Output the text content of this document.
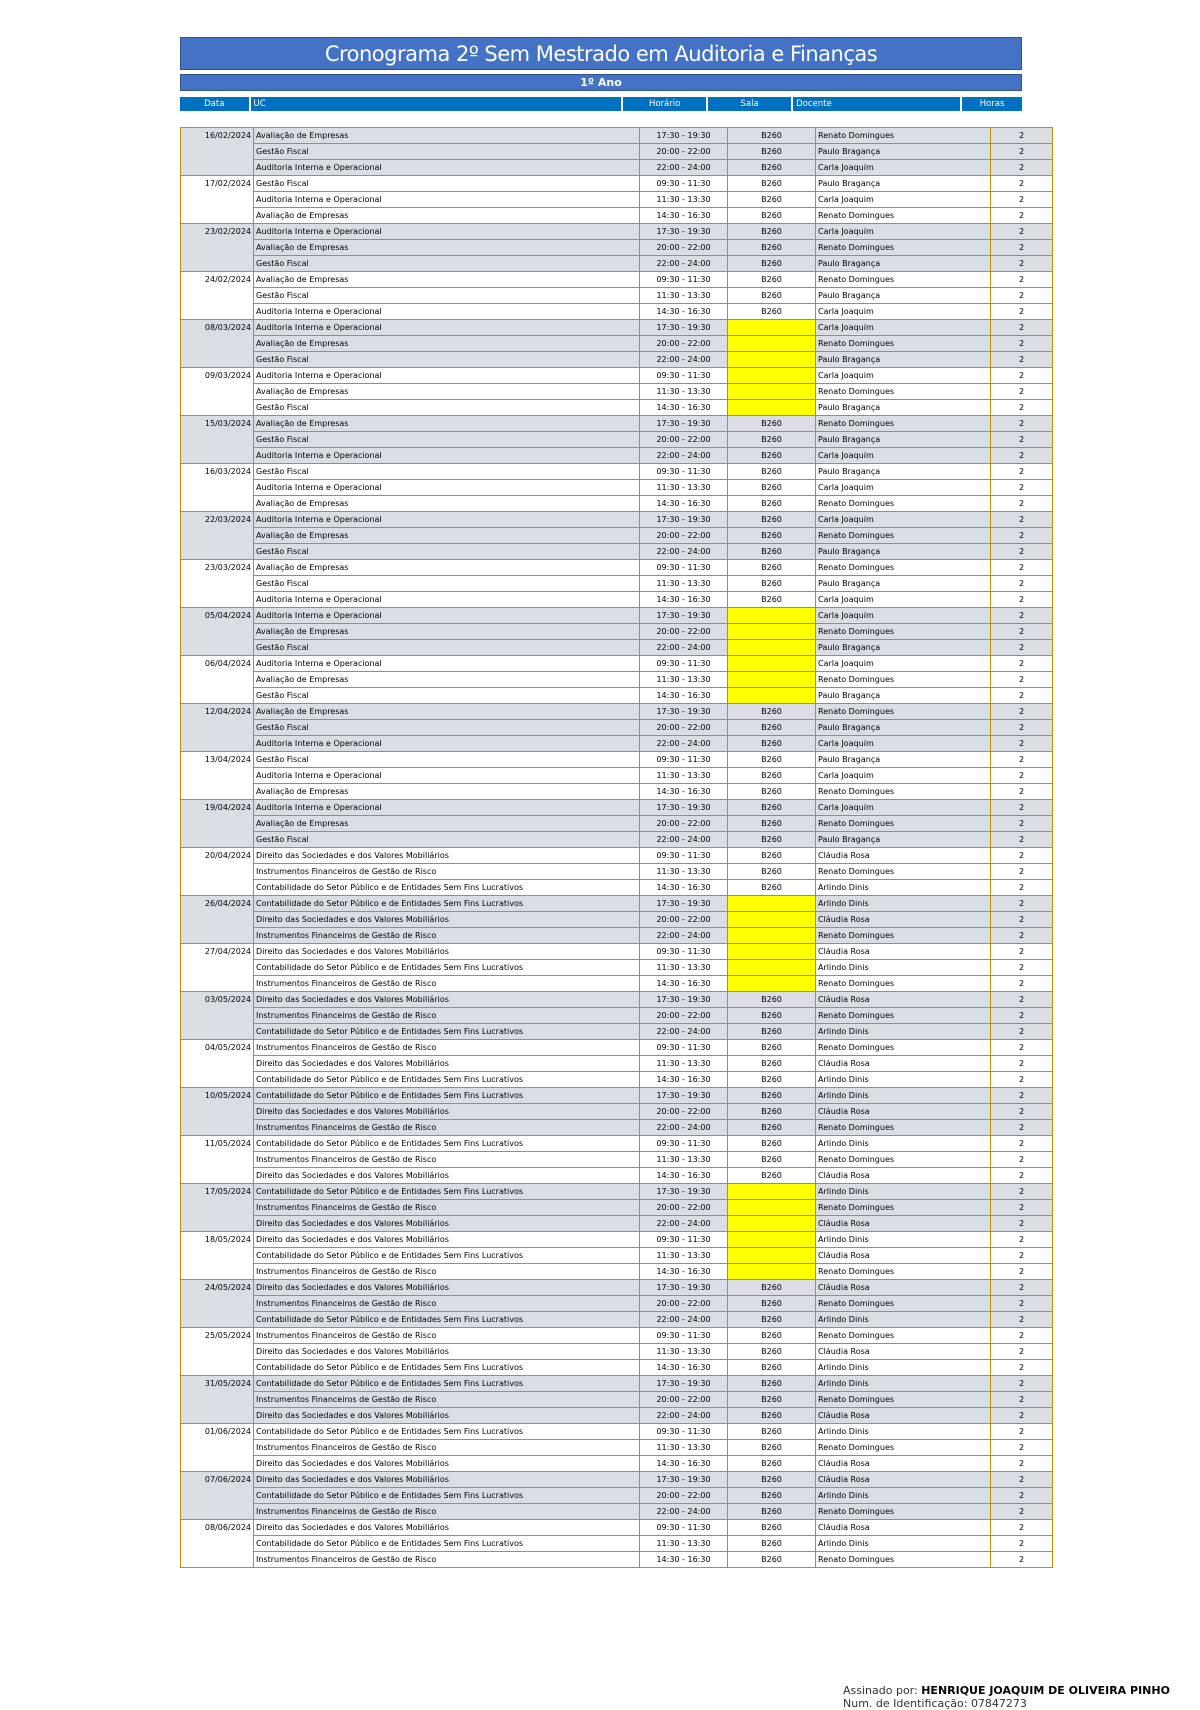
Cronograma 2º Sem Mestrado em Auditoria e Finanças
1º Ano
Data	UC	Horário	Sala	Docente	Horas
16/02/2024	Avaliação de Empresas	17:30 - 19:30	B260	Renato Domingues	2
	Gestão Fiscal	20:00 - 22:00	B260	Paulo Bragança	2
	Auditoria Interna e Operacional	22:00 - 24:00	B260	Carla Joaquim	2
17/02/2024	Gestão Fiscal	09:30 - 11:30	B260	Paulo Bragança	2
	Auditoria Interna e Operacional	11:30 - 13:30	B260	Carla Joaquim	2
	Avaliação de Empresas	14:30 - 16:30	B260	Renato Domingues	2
23/02/2024	Auditoria Interna e Operacional	17:30 - 19:30	B260	Carla Joaquim	2
	Avaliação de Empresas	20:00 - 22:00	B260	Renato Domingues	2
	Gestão Fiscal	22:00 - 24:00	B260	Paulo Bragança	2
24/02/2024	Avaliação de Empresas	09:30 - 11:30	B260	Renato Domingues	2
	Gestão Fiscal	11:30 - 13:30	B260	Paulo Bragança	2
	Auditoria Interna e Operacional	14:30 - 16:30	B260	Carla Joaquim	2
08/03/2024	Auditoria Interna e Operacional	17:30 - 19:30		Carla Joaquim	2
	Avaliação de Empresas	20:00 - 22:00		Renato Domingues	2
	Gestão Fiscal	22:00 - 24:00		Paulo Bragança	2
09/03/2024	Auditoria Interna e Operacional	09:30 - 11:30		Carla Joaquim	2
	Avaliação de Empresas	11:30 - 13:30		Renato Domingues	2
	Gestão Fiscal	14:30 - 16:30		Paulo Bragança	2
15/03/2024	Avaliação de Empresas	17:30 - 19:30	B260	Renato Domingues	2
	Gestão Fiscal	20:00 - 22:00	B260	Paulo Bragança	2
	Auditoria Interna e Operacional	22:00 - 24:00	B260	Carla Joaquim	2
16/03/2024	Gestão Fiscal	09:30 - 11:30	B260	Paulo Bragança	2
	Auditoria Interna e Operacional	11:30 - 13:30	B260	Carla Joaquim	2
	Avaliação de Empresas	14:30 - 16:30	B260	Renato Domingues	2
22/03/2024	Auditoria Interna e Operacional	17:30 - 19:30	B260	Carla Joaquim	2
	Avaliação de Empresas	20:00 - 22:00	B260	Renato Domingues	2
	Gestão Fiscal	22:00 - 24:00	B260	Paulo Bragança	2
23/03/2024	Avaliação de Empresas	09:30 - 11:30	B260	Renato Domingues	2
	Gestão Fiscal	11:30 - 13:30	B260	Paulo Bragança	2
	Auditoria Interna e Operacional	14:30 - 16:30	B260	Carla Joaquim	2
05/04/2024	Auditoria Interna e Operacional	17:30 - 19:30		Carla Joaquim	2
	Avaliação de Empresas	20:00 - 22:00		Renato Domingues	2
	Gestão Fiscal	22:00 - 24:00		Paulo Bragança	2
06/04/2024	Auditoria Interna e Operacional	09:30 - 11:30		Carla Joaquim	2
	Avaliação de Empresas	11:30 - 13:30		Renato Domingues	2
	Gestão Fiscal	14:30 - 16:30		Paulo Bragança	2
12/04/2024	Avaliação de Empresas	17:30 - 19:30	B260	Renato Domingues	2
	Gestão Fiscal	20:00 - 22:00	B260	Paulo Bragança	2
	Auditoria Interna e Operacional	22:00 - 24:00	B260	Carla Joaquim	2
13/04/2024	Gestão Fiscal	09:30 - 11:30	B260	Paulo Bragança	2
	Auditoria Interna e Operacional	11:30 - 13:30	B260	Carla Joaquim	2
	Avaliação de Empresas	14:30 - 16:30	B260	Renato Domingues	2
19/04/2024	Auditoria Interna e Operacional	17:30 - 19:30	B260	Carla Joaquim	2
	Avaliação de Empresas	20:00 - 22:00	B260	Renato Domingues	2
	Gestão Fiscal	22:00 - 24:00	B260	Paulo Bragança	2
20/04/2024	Direito das Sociedades e dos Valores Mobiliários	09:30 - 11:30	B260	Cláudia Rosa	2
	Instrumentos Financeiros de Gestão de Risco	11:30 - 13:30	B260	Renato Domingues	2
	Contabilidade do Setor Público e de Entidades Sem Fins Lucrativos	14:30 - 16:30	B260	Arlindo Dinis	2
26/04/2024	Contabilidade do Setor Público e de Entidades Sem Fins Lucrativos	17:30 - 19:30		Arlindo Dinis	2
	Direito das Sociedades e dos Valores Mobiliários	20:00 - 22:00		Cláudia Rosa	2
	Instrumentos Financeiros de Gestão de Risco	22:00 - 24:00		Renato Domingues	2
27/04/2024	Direito das Sociedades e dos Valores Mobiliários	09:30 - 11:30		Cláudia Rosa	2
	Contabilidade do Setor Público e de Entidades Sem Fins Lucrativos	11:30 - 13:30		Arlindo Dinis	2
	Instrumentos Financeiros de Gestão de Risco	14:30 - 16:30		Renato Domingues	2
03/05/2024	Direito das Sociedades e dos Valores Mobiliários	17:30 - 19:30	B260	Cláudia Rosa	2
	Instrumentos Financeiros de Gestão de Risco	20:00 - 22:00	B260	Renato Domingues	2
	Contabilidade do Setor Público e de Entidades Sem Fins Lucrativos	22:00 - 24:00	B260	Arlindo Dinis	2
04/05/2024	Instrumentos Financeiros de Gestão de Risco	09:30 - 11:30	B260	Renato Domingues	2
	Direito das Sociedades e dos Valores Mobiliários	11:30 - 13:30	B260	Cláudia Rosa	2
	Contabilidade do Setor Público e de Entidades Sem Fins Lucrativos	14:30 - 16:30	B260	Arlindo Dinis	2
10/05/2024	Contabilidade do Setor Público e de Entidades Sem Fins Lucrativos	17:30 - 19:30	B260	Arlindo Dinis	2
	Direito das Sociedades e dos Valores Mobiliários	20:00 - 22:00	B260	Cláudia Rosa	2
	Instrumentos Financeiros de Gestão de Risco	22:00 - 24:00	B260	Renato Domingues	2
11/05/2024	Contabilidade do Setor Público e de Entidades Sem Fins Lucrativos	09:30 - 11:30	B260	Arlindo Dinis	2
	Instrumentos Financeiros de Gestão de Risco	11:30 - 13:30	B260	Renato Domingues	2
	Direito das Sociedades e dos Valores Mobiliários	14:30 - 16:30	B260	Cláudia Rosa	2
17/05/2024	Contabilidade do Setor Público e de Entidades Sem Fins Lucrativos	17:30 - 19:30		Arlindo Dinis	2
	Instrumentos Financeiros de Gestão de Risco	20:00 - 22:00		Renato Domingues	2
	Direito das Sociedades e dos Valores Mobiliários	22:00 - 24:00		Cláudia Rosa	2
18/05/2024	Direito das Sociedades e dos Valores Mobiliários	09:30 - 11:30		Arlindo Dinis	2
	Contabilidade do Setor Público e de Entidades Sem Fins Lucrativos	11:30 - 13:30		Cláudia Rosa	2
	Instrumentos Financeiros de Gestão de Risco	14:30 - 16:30		Renato Domingues	2
24/05/2024	Direito das Sociedades e dos Valores Mobiliários	17:30 - 19:30	B260	Cláudia Rosa	2
	Instrumentos Financeiros de Gestão de Risco	20:00 - 22:00	B260	Renato Domingues	2
	Contabilidade do Setor Público e de Entidades Sem Fins Lucrativos	22:00 - 24:00	B260	Arlindo Dinis	2
25/05/2024	Instrumentos Financeiros de Gestão de Risco	09:30 - 11:30	B260	Renato Domingues	2
	Direito das Sociedades e dos Valores Mobiliários	11:30 - 13:30	B260	Cláudia Rosa	2
	Contabilidade do Setor Público e de Entidades Sem Fins Lucrativos	14:30 - 16:30	B260	Arlindo Dinis	2
31/05/2024	Contabilidade do Setor Público e de Entidades Sem Fins Lucrativos	17:30 - 19:30	B260	Arlindo Dinis	2
	Instrumentos Financeiros de Gestão de Risco	20:00 - 22:00	B260	Renato Domingues	2
	Direito das Sociedades e dos Valores Mobiliários	22:00 - 24:00	B260	Cláudia Rosa	2
01/06/2024	Contabilidade do Setor Público e de Entidades Sem Fins Lucrativos	09:30 - 11:30	B260	Arlindo Dinis	2
	Instrumentos Financeiros de Gestão de Risco	11:30 - 13:30	B260	Renato Domingues	2
	Direito das Sociedades e dos Valores Mobiliários	14:30 - 16:30	B260	Cláudia Rosa	2
07/06/2024	Direito das Sociedades e dos Valores Mobiliários	17:30 - 19:30	B260	Cláudia Rosa	2
	Contabilidade do Setor Público e de Entidades Sem Fins Lucrativos	20:00 - 22:00	B260	Arlindo Dinis	2
	Instrumentos Financeiros de Gestão de Risco	22:00 - 24:00	B260	Renato Domingues	2
08/06/2024	Direito das Sociedades e dos Valores Mobiliários	09:30 - 11:30	B260	Cláudia Rosa	2
	Contabilidade do Setor Público e de Entidades Sem Fins Lucrativos	11:30 - 13:30	B260	Arlindo Dinis	2
	Instrumentos Financeiros de Gestão de Risco	14:30 - 16:30	B260	Renato Domingues	2
Assinado por: HENRIQUE JOAQUIM DE OLIVEIRA PINHO
Num. de Identificação: 07847273
